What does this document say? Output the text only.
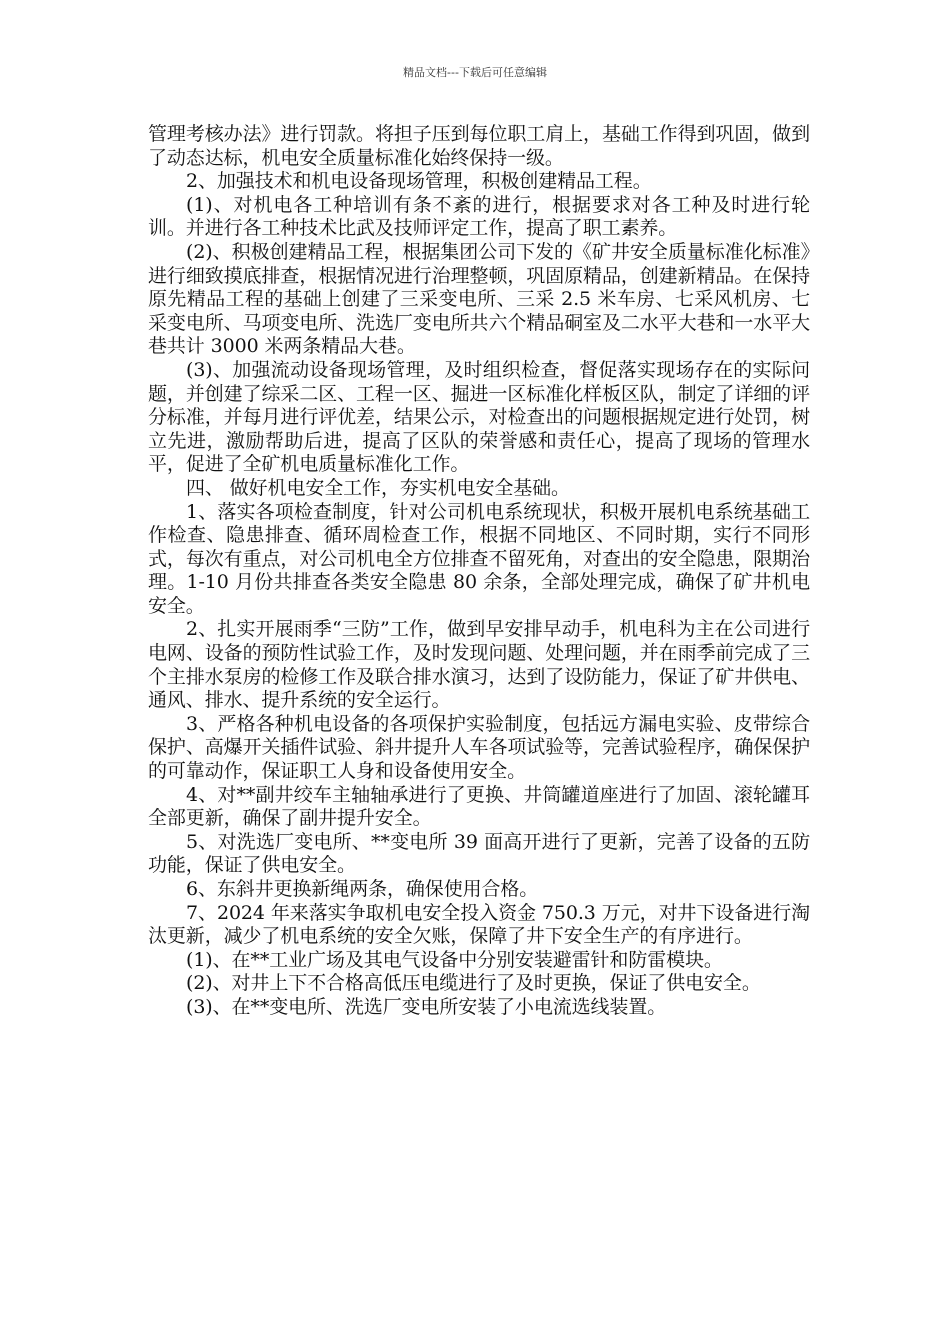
精品文档---下载后可任意编辑

管理考核办法》进行罚款。将担子压到每位职工肩上，基础工作得到巩固，做到了动态达标，机电安全质量标准化始终保持一级。

2、加强技术和机电设备现场管理，积极创建精品工程。

(1)、对机电各工种培训有条不紊的进行，根据要求对各工种及时进行轮训。并进行各工种技术比武及技师评定工作，提高了职工素养。

(2)、积极创建精品工程，根据集团公司下发的《矿井安全质量标准化标准》进行细致摸底排查，根据情况进行治理整顿，巩固原精品，创建新精品。在保持原先精品工程的基础上创建了三采变电所、三采 2.5 米车房、七采风机房、七采变电所、马项变电所、洗选厂变电所共六个精品硐室及二水平大巷和一水平大巷共计 3000 米两条精品大巷。

(3)、加强流动设备现场管理，及时组织检查，督促落实现场存在的实际问题，并创建了综采二区、工程一区、掘进一区标准化样板区队，制定了详细的评分标准，并每月进行评优差，结果公示，对检查出的问题根据规定进行处罚，树立先进，激励帮助后进，提高了区队的荣誉感和责任心，提高了现场的管理水平，促进了全矿机电质量标准化工作。

四、 做好机电安全工作，夯实机电安全基础。

1、落实各项检查制度，针对公司机电系统现状，积极开展机电系统基础工作检查、隐患排查、循环周检查工作，根据不同地区、不同时期，实行不同形式，每次有重点，对公司机电全方位排查不留死角，对查出的安全隐患，限期治理。1-10 月份共排查各类安全隐患 80 余条，全部处理完成，确保了矿井机电安全。

2、扎实开展雨季“三防”工作，做到早安排早动手，机电科为主在公司进行电网、设备的预防性试验工作，及时发现问题、处理问题，并在雨季前完成了三个主排水泵房的检修工作及联合排水演习，达到了设防能力，保证了矿井供电、通风、排水、提升系统的安全运行。

3、严格各种机电设备的各项保护实验制度，包括远方漏电实验、皮带综合保护、高爆开关插件试验、斜井提升人车各项试验等，完善试验程序，确保保护的可靠动作，保证职工人身和设备使用安全。

4、对**副井绞车主轴轴承进行了更换、井筒罐道座进行了加固、滚轮罐耳全部更新，确保了副井提升安全。

5、对洗选厂变电所、**变电所 39 面高开进行了更新，完善了设备的五防功能，保证了供电安全。

6、东斜井更换新绳两条，确保使用合格。

7、2024 年来落实争取机电安全投入资金 750.3 万元，对井下设备进行淘汰更新，减少了机电系统的安全欠账，保障了井下安全生产的有序进行。

(1)、在**工业广场及其电气设备中分别安装避雷针和防雷模块。

(2)、对井上下不合格高低压电缆进行了及时更换，保证了供电安全。

(3)、在**变电所、洗选厂变电所安装了小电流选线装置。
